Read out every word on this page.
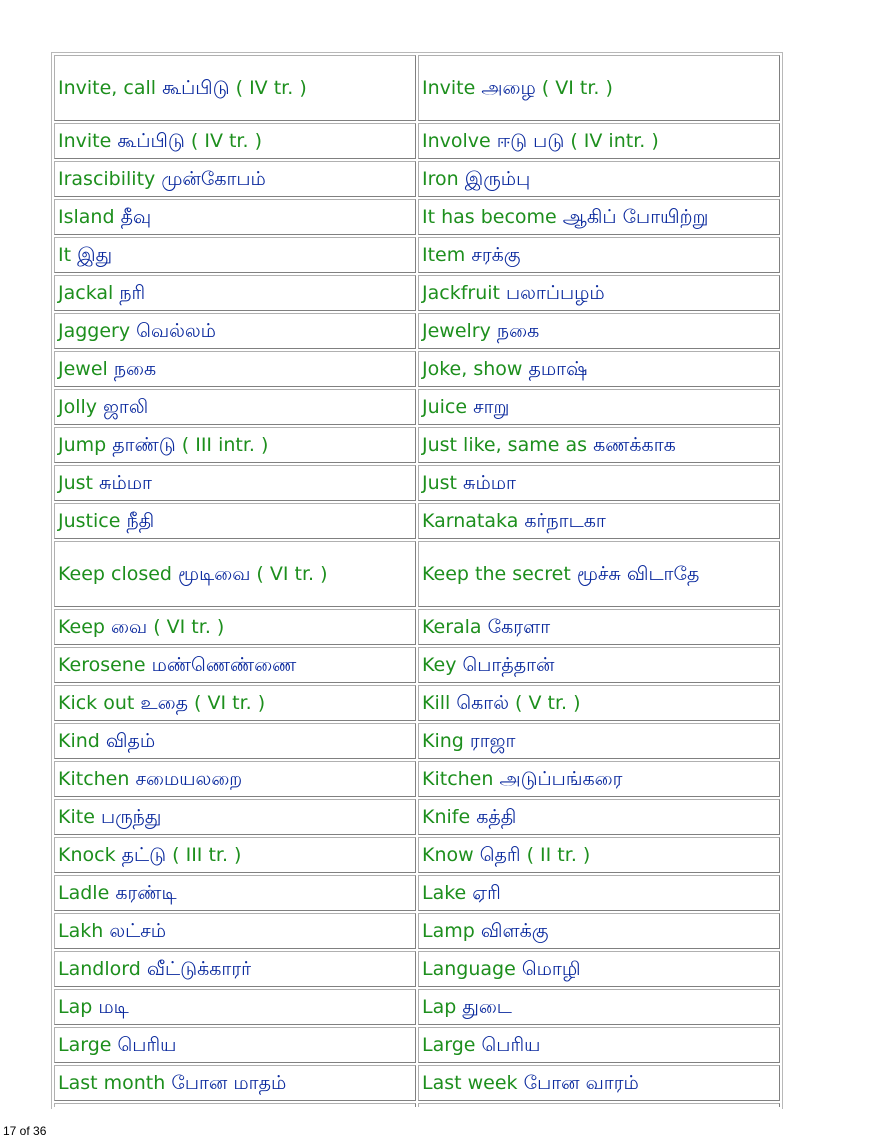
Invite, call கூப்பிடு ( IV tr. )	Invite அழை ( VI tr. )
Invite கூப்பிடு ( IV tr. )	Involve ஈடு படு ( IV intr. )
Irascibility முன்கோபம்	Iron இரும்பு
Island தீவு	It has become ஆகிப் போயிற்று
It இது	Item சரக்கு
Jackal நரி	Jackfruit பலாப்பழம்
Jaggery வெல்லம்	Jewelry நகை
Jewel நகை	Joke, show தமாஷ்
Jolly ஜாலி	Juice சாறு
Jump தாண்டு ( III intr. )	Just like, same as கணக்காக
Just சும்மா	Just சும்மா
Justice நீதி	Karnataka கர்நாடகா
Keep closed மூடிவை ( VI tr. )	Keep the secret மூச்சு விடாதே
Keep வை ( VI tr. )	Kerala கேரளா
Kerosene மண்ணெண்ணை	Key பொத்தான்
Kick out உதை ( VI tr. )	Kill கொல் ( V tr. )
Kind விதம்	King ராஜா
Kitchen சமையலறை	Kitchen அடுப்பங்கரை
Kite பருந்து	Knife கத்தி
Knock தட்டு ( III tr. )	Know தெரி ( II tr. )
Ladle கரண்டி	Lake ஏரி
Lakh லட்சம்	Lamp விளக்கு
Landlord வீட்டுக்காரர்	Language மொழி
Lap மடி	Lap துடை
Large பெரிய	Large பெரிய
Last month போன மாதம்	Last week போன வாரம்

17 of 36
